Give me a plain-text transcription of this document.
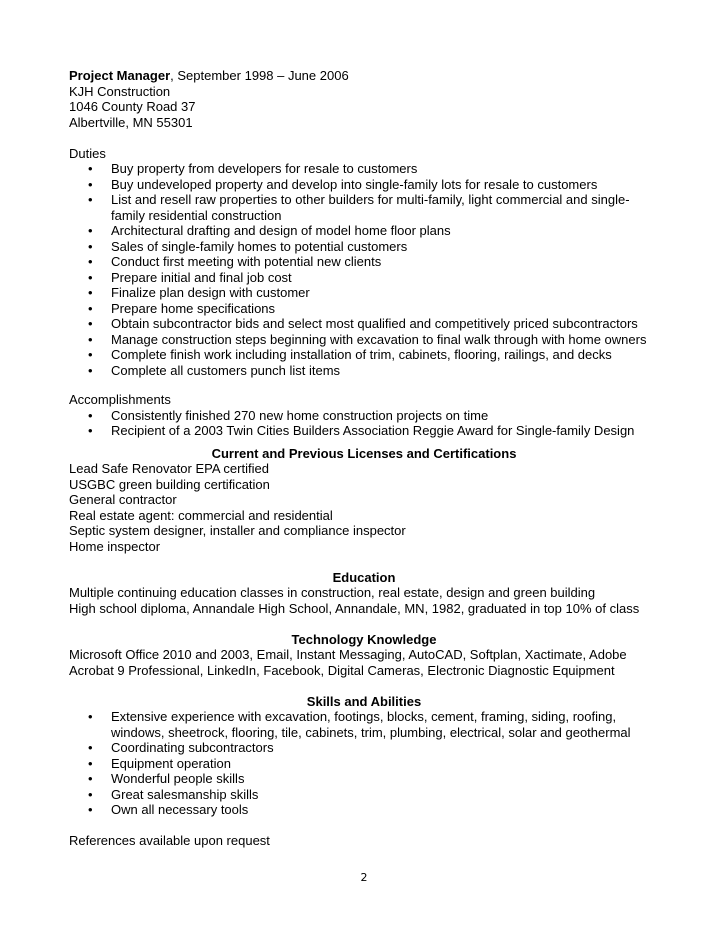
Project Manager, September 1998 – June 2006
KJH Construction
1046 County Road 37
Albertville, MN 55301
Duties
• Buy property from developers for resale to customers
• Buy undeveloped property and develop into single-family lots for resale to customers
• List and resell raw properties to other builders for multi-family, light commercial and single-family residential construction
• Architectural drafting and design of model home floor plans
• Sales of single-family homes to potential customers
• Conduct first meeting with potential new clients
• Prepare initial and final job cost
• Finalize plan design with customer
• Prepare home specifications
• Obtain subcontractor bids and select most qualified and competitively priced subcontractors
• Manage construction steps beginning with excavation to final walk through with home owners
• Complete finish work including installation of trim, cabinets, flooring, railings, and decks
• Complete all customers punch list items
Accomplishments
• Consistently finished 270 new home construction projects on time
• Recipient of a 2003 Twin Cities Builders Association Reggie Award for Single-family Design
Current and Previous Licenses and Certifications
Lead Safe Renovator EPA certified
USGBC green building certification
General contractor
Real estate agent: commercial and residential
Septic system designer, installer and compliance inspector
Home inspector
Education
Multiple continuing education classes in construction, real estate, design and green building
High school diploma, Annandale High School, Annandale, MN, 1982, graduated in top 10% of class
Technology Knowledge
Microsoft Office 2010 and 2003, Email, Instant Messaging, AutoCAD, Softplan, Xactimate, Adobe
Acrobat 9 Professional, LinkedIn, Facebook, Digital Cameras, Electronic Diagnostic Equipment
Skills and Abilities
• Extensive experience with excavation, footings, blocks, cement, framing, siding, roofing, windows, sheetrock, flooring, tile, cabinets, trim, plumbing, electrical, solar and geothermal
• Coordinating subcontractors
• Equipment operation
• Wonderful people skills
• Great salesmanship skills
• Own all necessary tools
References available upon request
2
